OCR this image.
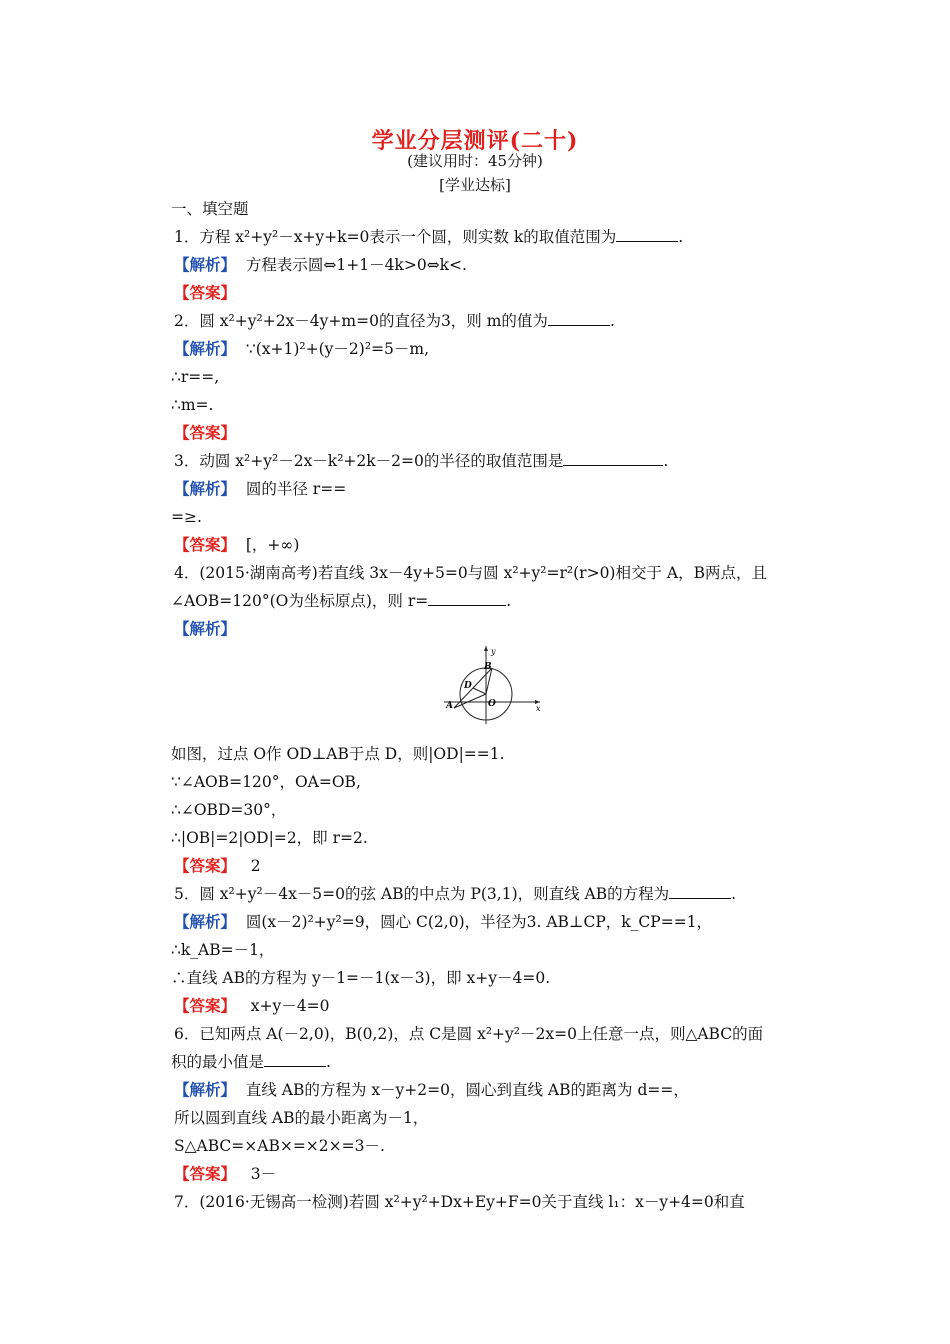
学业分层测评(二十)
(建议用时：45分钟)
[学业达标]
一、填空题
1．方程 x²+y²－x+y+k=0表示一个圆，则实数 k的取值范围为	.
【解析】 方程表示圆⇔1+1－4k>0⇔k<.
【答案】
2．圆 x²+y²+2x－4y+m=0的直径为3，则 m的值为	.
【解析】 ∵(x+1)²+(y－2)²=5－m,
∴r==,
∴m=.
【答案】
3．动圆 x²+y²－2x－k²+2k－2=0的半径的取值范围是	.
【解析】 圆的半径 r==
=≥.
【答案】 [，+∞)
4．(2015·湖南高考)若直线 3x－4y+5=0与圆 x²+y²=r²(r>0)相交于 A，B两点，且
∠AOB=120°(O为坐标原点)，则 r=	.
【解析】
y
x
B
D
A	O
如图，过点 O作 OD⊥AB于点 D，则|OD|==1.
∵∠AOB=120°，OA=OB,
∴∠OBD=30°，
∴|OB|=2|OD|=2，即 r=2.
【答案】 2
5．圆 x²+y²－4x－5=0的弦 AB的中点为 P(3,1)，则直线 AB的方程为	.
【解析】 圆(x－2)²+y²=9，圆心 C(2,0)，半径为3. AB⊥CP，k_CP==1，
∴k_AB=－1，
∴直线 AB的方程为 y－1=－1(x－3)，即 x+y－4=0.
【答案】 x+y－4=0
6．已知两点 A(－2,0)，B(0,2)，点 C是圆 x²+y²－2x=0上任意一点，则△ABC的面
积的最小值是	.
【解析】 直线 AB的方程为 x－y+2=0，圆心到直线 AB的距离为 d==，
所以圆到直线 AB的最小距离为－1，
S△ABC=×AB×=×2×=3－.
【答案】 3－
7．(2016·无锡高一检测)若圆 x²+y²+Dx+Ey+F=0关于直线 l₁：x－y+4=0和直
